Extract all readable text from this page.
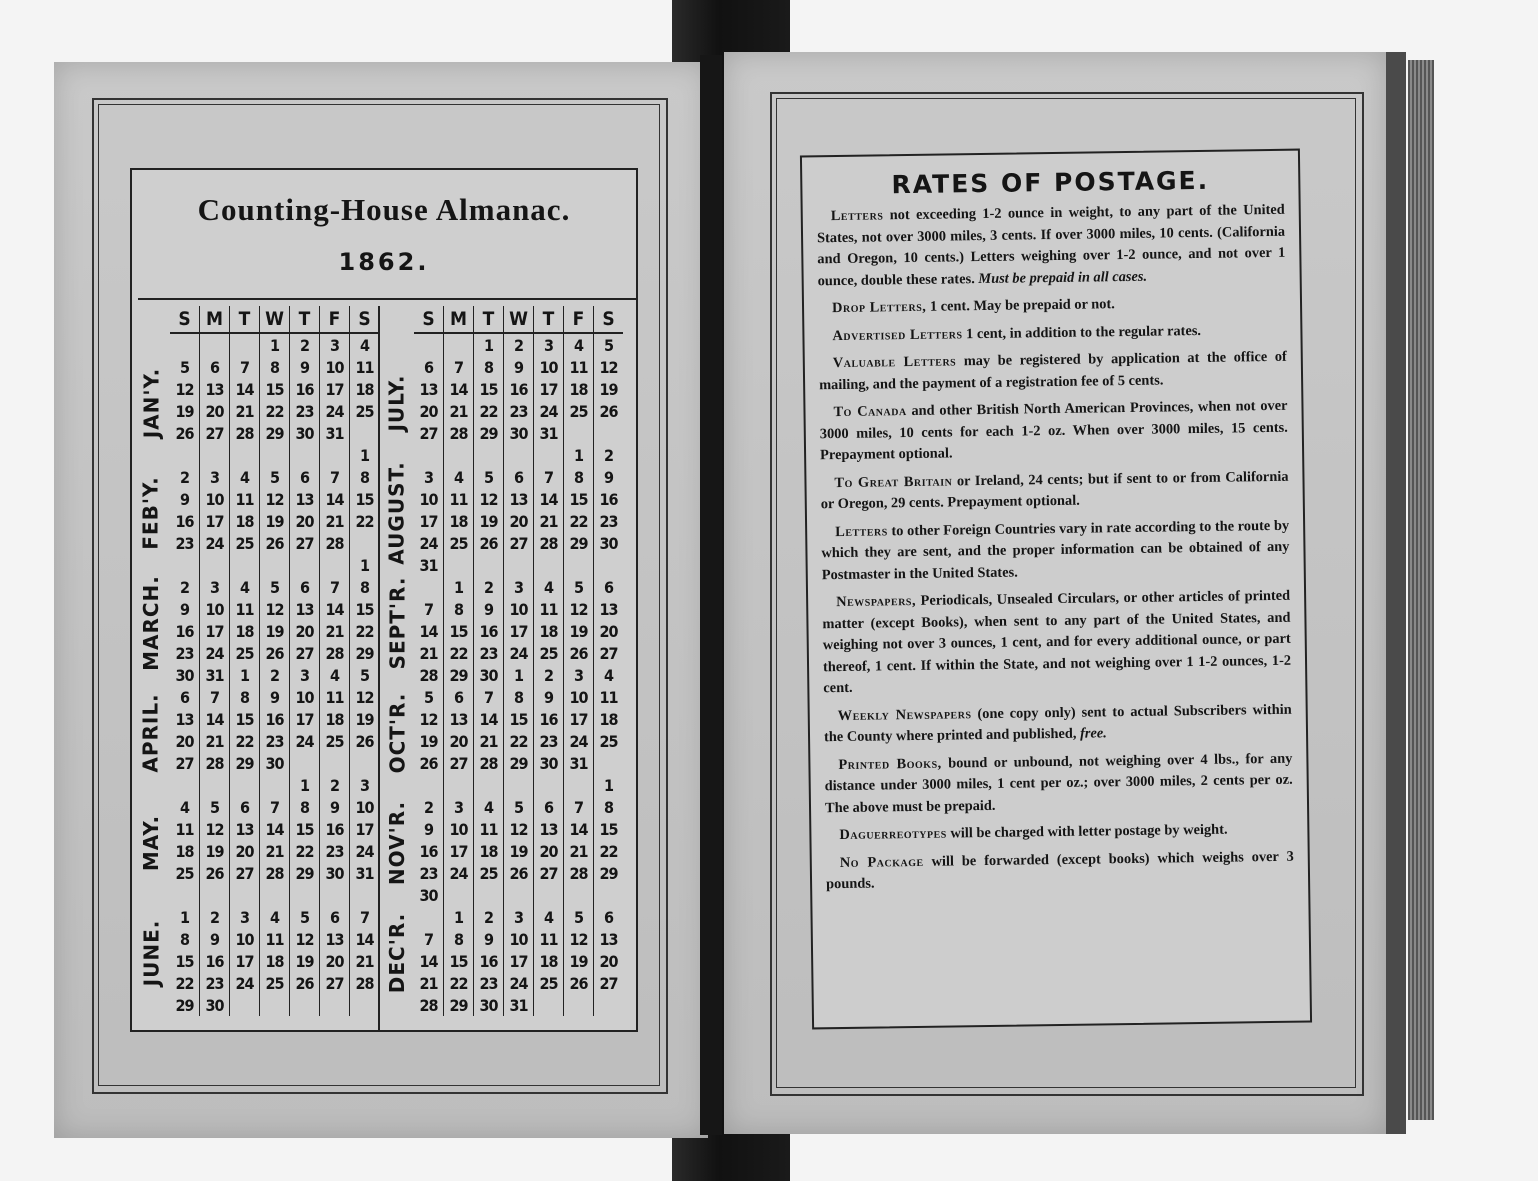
Counting-House Almanac.
1862.
JAN'Y.
FEB'Y.
MARCH.
APRIL.
MAY.
JUNE.
S	M	T	W	T	F	S
			1	2	3	4
5	6	7	8	9	10	11
12	13	14	15	16	17	18
19	20	21	22	23	24	25
26	27	28	29	30	31	
						1
2	3	4	5	6	7	8
9	10	11	12	13	14	15
16	17	18	19	20	21	22
23	24	25	26	27	28	
						1
2	3	4	5	6	7	8
9	10	11	12	13	14	15
16	17	18	19	20	21	22
23	24	25	26	27	28	29
30	31	1	2	3	4	5
6	7	8	9	10	11	12
13	14	15	16	17	18	19
20	21	22	23	24	25	26
27	28	29	30			
				1	2	3
4	5	6	7	8	9	10
11	12	13	14	15	16	17
18	19	20	21	22	23	24
25	26	27	28	29	30	31

1	2	3	4	5	6	7
8	9	10	11	12	13	14
15	16	17	18	19	20	21
22	23	24	25	26	27	28
29	30					
JULY.
AUGUST.
SEPT'R.
OCT'R.
NOV'R.
DEC'R.
S	M	T	W	T	F	S
		1	2	3	4	5
6	7	8	9	10	11	12
13	14	15	16	17	18	19
20	21	22	23	24	25	26
27	28	29	30	31		
					1	2
3	4	5	6	7	8	9
10	11	12	13	14	15	16
17	18	19	20	21	22	23
24	25	26	27	28	29	30
31						
	1	2	3	4	5	6
7	8	9	10	11	12	13
14	15	16	17	18	19	20
21	22	23	24	25	26	27
28	29	30	1	2	3	4
5	6	7	8	9	10	11
12	13	14	15	16	17	18
19	20	21	22	23	24	25
26	27	28	29	30	31	
						1
2	3	4	5	6	7	8
9	10	11	12	13	14	15
16	17	18	19	20	21	22
23	24	25	26	27	28	29
30						
	1	2	3	4	5	6
7	8	9	10	11	12	13
14	15	16	17	18	19	20
21	22	23	24	25	26	27
28	29	30	31			
RATES OF POSTAGE.

Letters not exceeding 1-2 ounce in weight, to any part of the United States, not over 3000 miles, 3 cents. If over 3000 miles, 10 cents. (California and Oregon, 10 cents.) Letters weighing over 1-2 ounce, and not over 1 ounce, double these rates. Must be prepaid in all cases.

Drop Letters, 1 cent. May be prepaid or not.

Advertised Letters 1 cent, in addition to the regular rates.

Valuable Letters may be registered by application at the office of mailing, and the payment of a registration fee of 5 cents.

To Canada and other British North American Provinces, when not over 3000 miles, 10 cents for each 1-2 oz. When over 3000 miles, 15 cents. Prepayment optional.

To Great Britain or Ireland, 24 cents; but if sent to or from California or Oregon, 29 cents. Prepayment optional.

Letters to other Foreign Countries vary in rate according to the route by which they are sent, and the proper information can be obtained of any Postmaster in the United States.

Newspapers, Periodicals, Unsealed Circulars, or other articles of printed matter (except Books), when sent to any part of the United States, and weighing not over 3 ounces, 1 cent, and for every additional ounce, or part thereof, 1 cent. If within the State, and not weighing over 1 1-2 ounces, 1-2 cent.

Weekly Newspapers (one copy only) sent to actual Subscribers within the County where printed and published, free.

Printed Books, bound or unbound, not weighing over 4 lbs., for any distance under 3000 miles, 1 cent per oz.; over 3000 miles, 2 cents per oz. The above must be prepaid.

Daguerreotypes will be charged with letter postage by weight.

No Package will be forwarded (except books) which weighs over 3 pounds.
